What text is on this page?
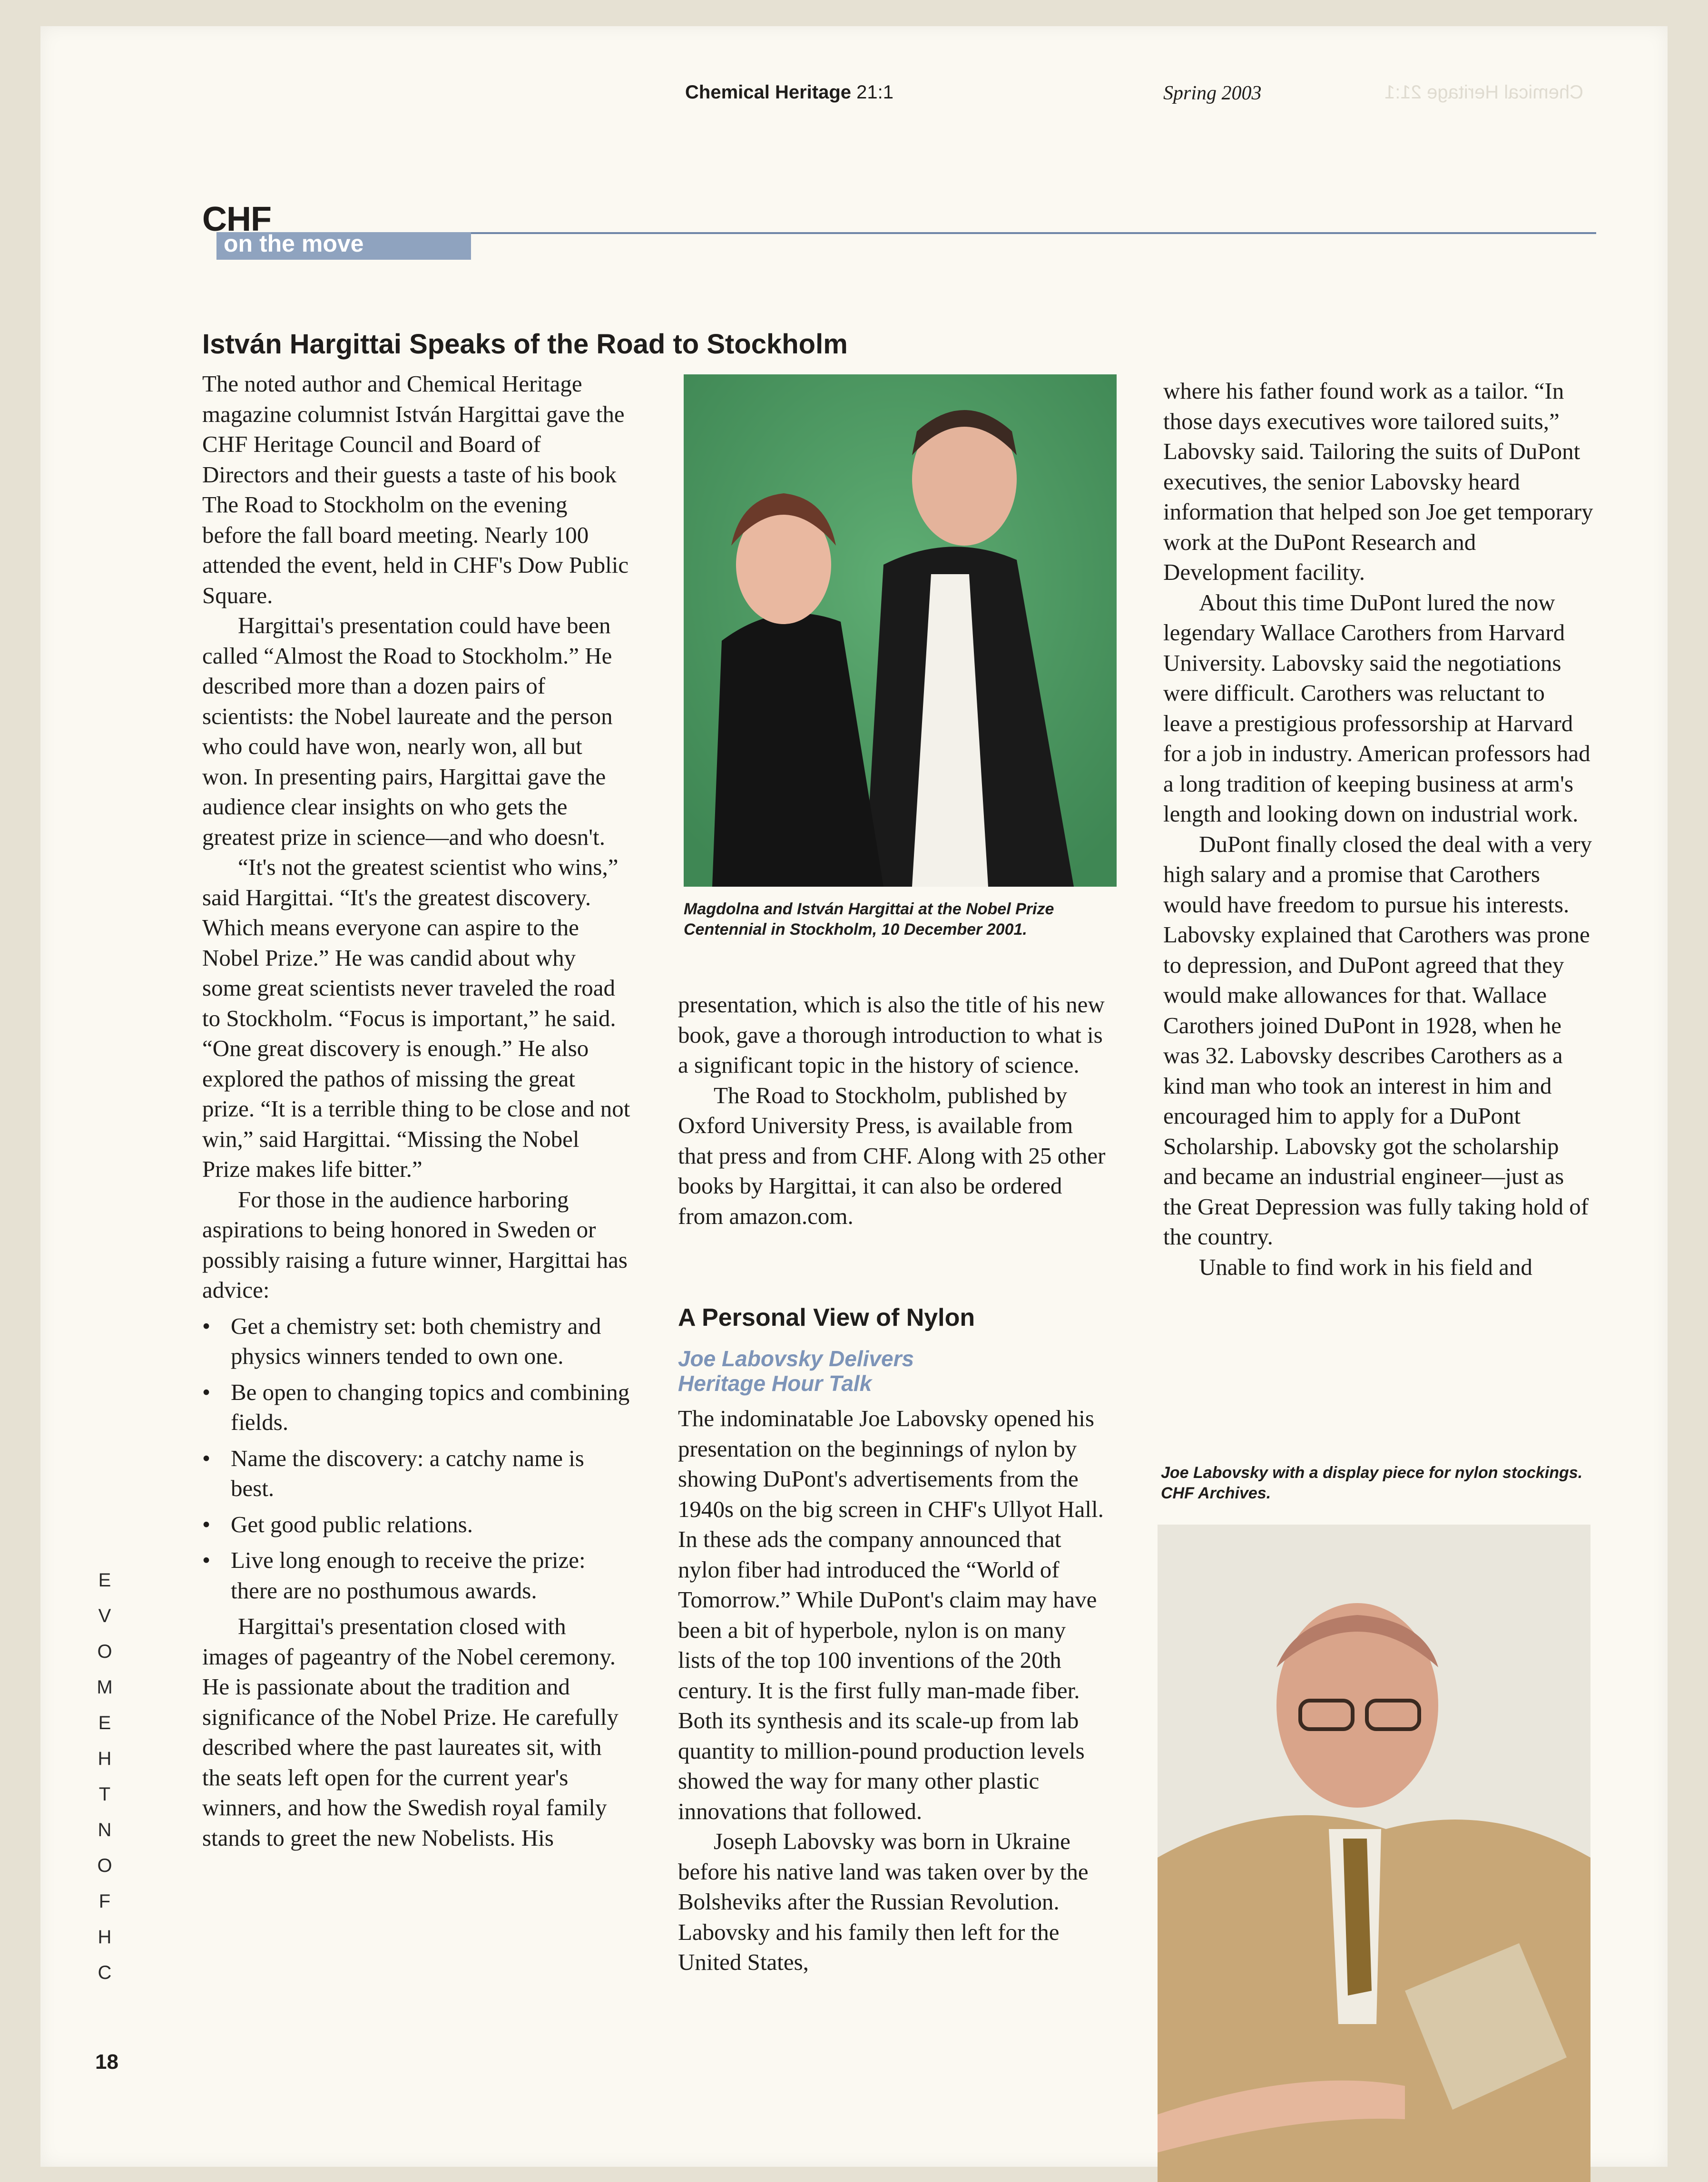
Chemical Heritage 21:1	Spring 2003	Chemical Heritage 21:1
CHF
on the move
István Hargittai Speaks of the Road to Stockholm

The noted author and Chemical Heritage magazine columnist István Hargittai gave the CHF Heritage Council and Board of Directors and their guests a taste of his book The Road to Stockholm on the evening before the fall board meeting. Nearly 100 attended the event, held in CHF's Dow Public Square.

Hargittai's presentation could have been called “Almost the Road to Stockholm.” He described more than a dozen pairs of scientists: the Nobel laureate and the person who could have won, nearly won, all but won. In presenting pairs, Hargittai gave the audience clear insights on who gets the greatest prize in science—and who doesn't.

“It's not the greatest scientist who wins,” said Hargittai. “It's the greatest discovery. Which means everyone can aspire to the Nobel Prize.” He was candid about why some great scientists never traveled the road to Stockholm. “Focus is important,” he said. “One great discovery is enough.” He also explored the pathos of missing the great prize. “It is a terrible thing to be close and not win,” said Hargittai. “Missing the Nobel Prize makes life bitter.”

For those in the audience harboring aspirations to being honored in Sweden or possibly raising a future winner, Hargittai has advice:

• Get a chemistry set: both chemistry and physics winners tended to own one.
• Be open to changing topics and combining fields.
• Name the discovery: a catchy name is best.
• Get good public relations.
• Live long enough to receive the prize: there are no posthumous awards.

Hargittai's presentation closed with images of pageantry of the Nobel ceremony. He is passionate about the tradition and significance of the Nobel Prize. He carefully described where the past laureates sit, with the seats left open for the current year's winners, and how the Swedish royal family stands to greet the new Nobelists. His

Magdolna and István Hargittai at the Nobel Prize Centennial in Stockholm, 10 December 2001.

presentation, which is also the title of his new book, gave a thorough introduction to what is a significant topic in the history of science.

The Road to Stockholm, published by Oxford University Press, is available from that press and from CHF. Along with 25 other books by Hargittai, it can also be ordered from amazon.com.

A Personal View of Nylon
Joe Labovsky Delivers Heritage Hour Talk

The indominatable Joe Labovsky opened his presentation on the beginnings of nylon by showing DuPont's advertisements from the 1940s on the big screen in CHF's Ullyot Hall. In these ads the company announced that nylon fiber had introduced the “World of Tomorrow.” While DuPont's claim may have been a bit of hyperbole, nylon is on many lists of the top 100 inventions of the 20th century. It is the first fully man-made fiber. Both its synthesis and its scale-up from lab quantity to million-pound production levels showed the way for many other plastic innovations that followed.

Joseph Labovsky was born in Ukraine before his native land was taken over by the Bolsheviks after the Russian Revolution. Labovsky and his family then left for the United States,

where his father found work as a tailor. “In those days executives wore tailored suits,” Labovsky said. Tailoring the suits of DuPont executives, the senior Labovsky heard information that helped son Joe get temporary work at the DuPont Research and Development facility.

About this time DuPont lured the now legendary Wallace Carothers from Harvard University. Labovsky said the negotiations were difficult. Carothers was reluctant to leave a prestigious professorship at Harvard for a job in industry. American professors had a long tradition of keeping business at arm's length and looking down on industrial work.

DuPont finally closed the deal with a very high salary and a promise that Carothers would have freedom to pursue his interests. Labovsky explained that Carothers was prone to depression, and DuPont agreed that they would make allowances for that. Wallace Carothers joined DuPont in 1928, when he was 32. Labovsky describes Carothers as a kind man who took an interest in him and encouraged him to apply for a DuPont Scholarship. Labovsky got the scholarship and became an industrial engineer—just as the Great Depression was fully taking hold of the country.

Unable to find work in his field and

Joe Labovsky with a display piece for nylon stockings. CHF Archives.
E
V
O
M
E
H
T
N
O
F
H
C
18
